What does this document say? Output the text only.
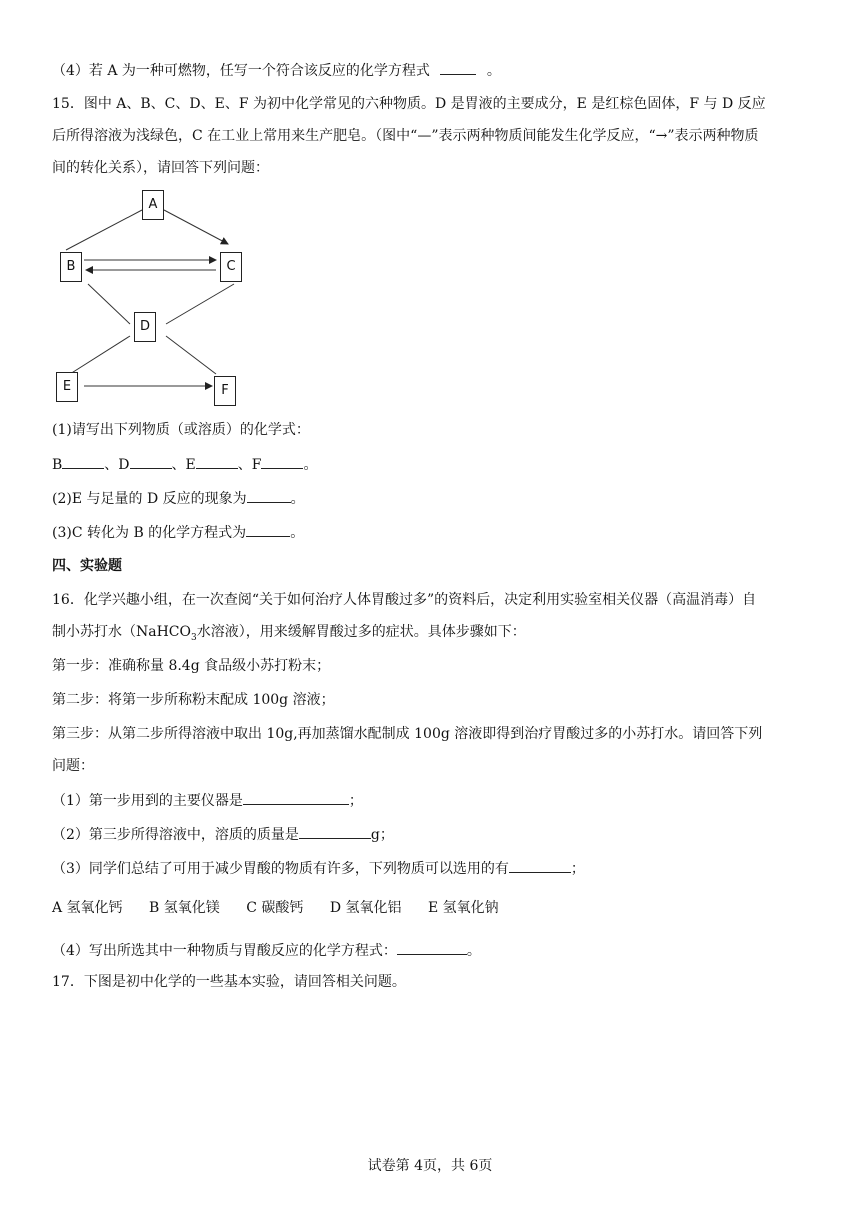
（4）若 A 为一种可燃物，任写一个符合该反应的化学方程式	。
15．图中 A、B、C、D、E、F 为初中化学常见的六种物质。D 是胃液的主要成分，E 是红棕色固体，F 与 D 反应
后所得溶液为浅绿色，C 在工业上常用来生产肥皂。（图中“—”表示两种物质间能发生化学反应，“→”表示两种物质
间的转化关系），请回答下列问题：
A
B	C
D
E	F
(1)请写出下列物质（或溶质）的化学式：
B	、D	、E	、F	。
(2)E 与足量的 D 反应的现象为	。
(3)C 转化为 B 的化学方程式为	。
四、实验题
16．化学兴趣小组，在一次查阅“关于如何治疗人体胃酸过多”的资料后，决定利用实验室相关仪器（高温消毒）自
制小苏打水（NaHCO$_3$水溶液），用来缓解胃酸过多的症状。具体步骤如下：
第一步：准确称量 8.4g 食品级小苏打粉末；
第二步：将第一步所称粉末配成 100g 溶液；
第三步：从第二步所得溶液中取出 10g,再加蒸馏水配制成 100g 溶液即得到治疗胃酸过多的小苏打水。请回答下列
问题：
（1）第一步用到的主要仪器是	；
（2）第三步所得溶液中，溶质的质量是	g；
（3）同学们总结了可用于减少胃酸的物质有许多，下列物质可以选用的有	；
A 氢氧化钙 B 氢氧化镁 C 碳酸钙 D 氢氧化铝 E 氢氧化钠
（4）写出所选其中一种物质与胃酸反应的化学方程式：	。
17．下图是初中化学的一些基本实验，请回答相关问题。
试卷第 4页，共 6页
